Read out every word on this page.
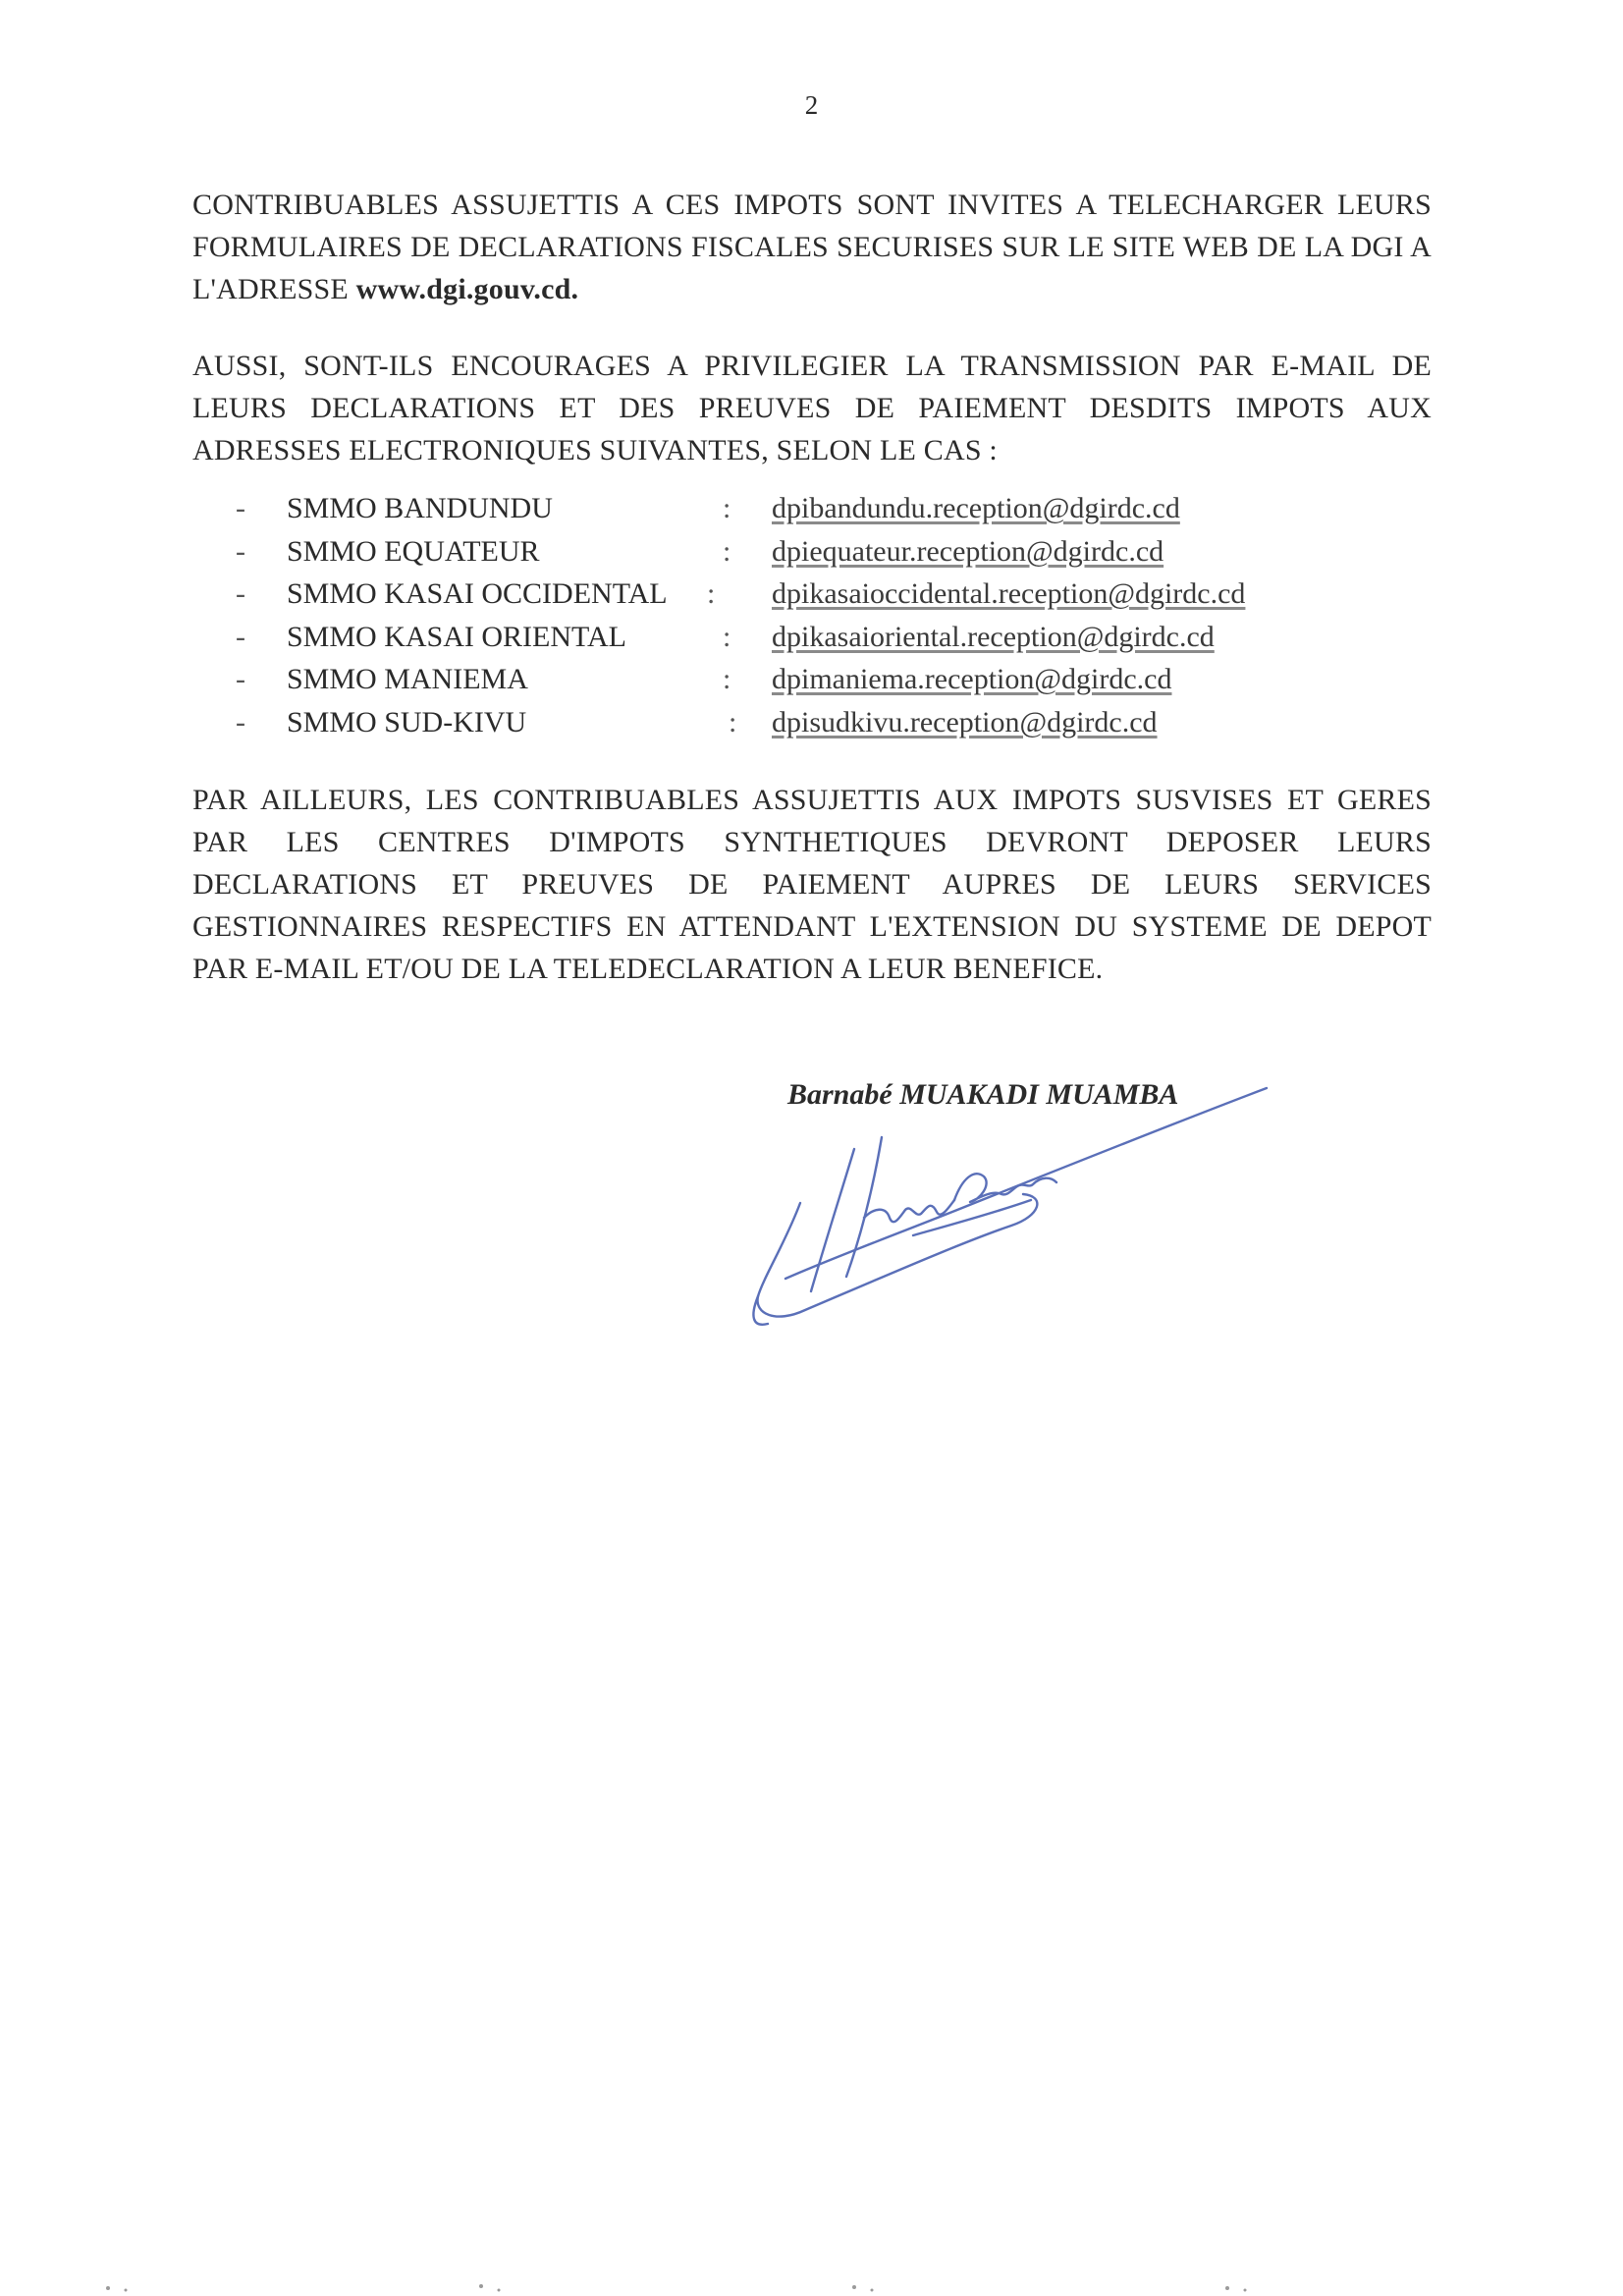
2
CONTRIBUABLES ASSUJETTIS A CES IMPOTS SONT INVITES A TELECHARGER LEURS FORMULAIRES DE DECLARATIONS FISCALES SECURISES SUR LE SITE WEB DE LA DGI A L'ADRESSE www.dgi.gouv.cd.
AUSSI, SONT-ILS ENCOURAGES A PRIVILEGIER LA TRANSMISSION PAR E-MAIL DE LEURS DECLARATIONS ET DES PREUVES DE PAIEMENT DESDITS IMPOTS AUX ADRESSES ELECTRONIQUES SUIVANTES, SELON LE CAS :
- SMMO BANDUNDU	: dpibandundu.reception@dgirdc.cd
- SMMO EQUATEUR	: dpiequateur.reception@dgirdc.cd
- SMMO KASAI OCCIDENTAL : dpikasaioccidental.reception@dgirdc.cd
- SMMO KASAI ORIENTAL	: dpikasaioriental.reception@dgirdc.cd
- SMMO MANIEMA	: dpimaniema.reception@dgirdc.cd
- SMMO SUD-KIVU	: dpisudkivu.reception@dgirdc.cd
PAR AILLEURS, LES CONTRIBUABLES ASSUJETTIS AUX IMPOTS SUSVISES ET GERES PAR LES CENTRES D'IMPOTS SYNTHETIQUES DEVRONT DEPOSER LEURS DECLARATIONS ET PREUVES DE PAIEMENT AUPRES DE LEURS SERVICES GESTIONNAIRES RESPECTIFS EN ATTENDANT L'EXTENSION DU SYSTEME DE DEPOT PAR E-MAIL ET/OU DE LA TELEDECLARATION A LEUR BENEFICE.
Barnabé MUAKADI MUAMBA
